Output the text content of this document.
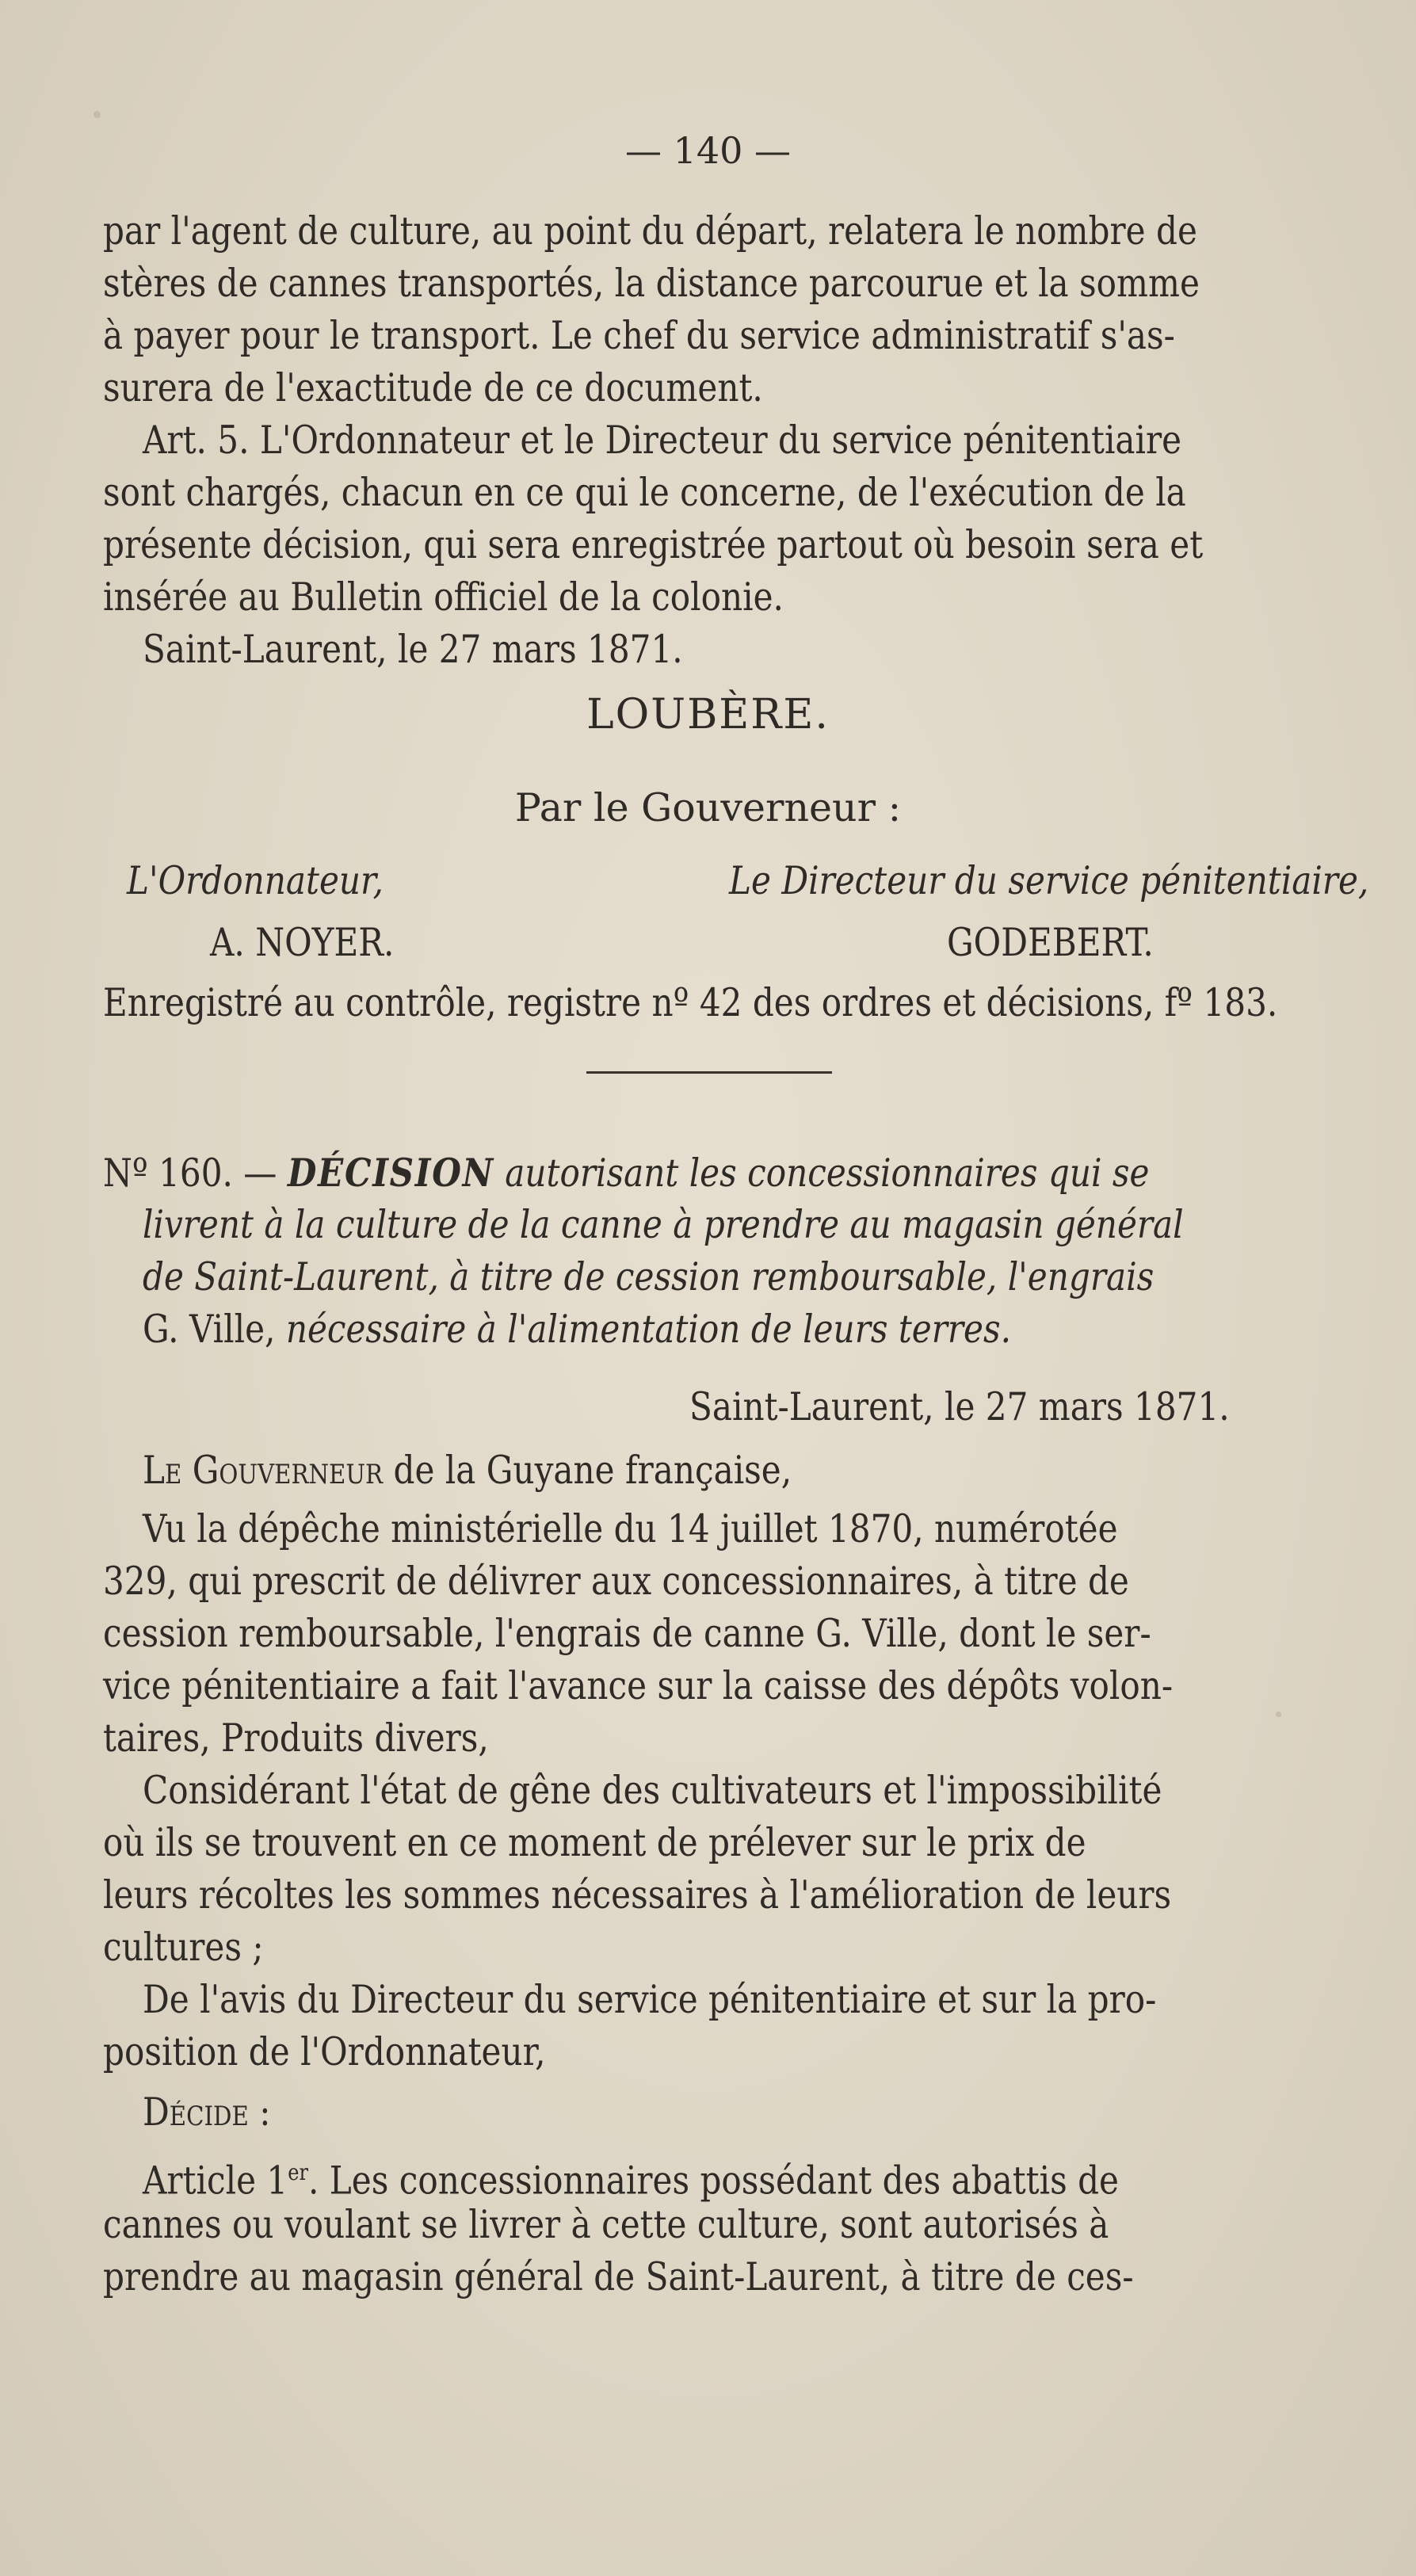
— 140 —
par l'agent de culture, au point du départ, relatera le nombre de
stères de cannes transportés, la distance parcourue et la somme
à payer pour le transport. Le chef du service administratif s'as-
surera de l'exactitude de ce document.
Art. 5. L'Ordonnateur et le Directeur du service pénitentiaire
sont chargés, chacun en ce qui le concerne, de l'exécution de la
présente décision, qui sera enregistrée partout où besoin sera et
insérée au Bulletin officiel de la colonie.
Saint-Laurent, le 27 mars 1871.
LOUBÈRE.
Par le Gouverneur :
L'Ordonnateur,	Le Directeur du service pénitentiaire,
A. NOYER.	GODEBERT.
Enregistré au contrôle, registre nº 42 des ordres et décisions, fº 183.
Nº 160. — DÉCISION autorisant les concessionnaires qui se
livrent à la culture de la canne à prendre au magasin général
de Saint-Laurent, à titre de cession remboursable, l'engrais
G. Ville, nécessaire à l'alimentation de leurs terres.
Saint-Laurent, le 27 mars 1871.
Le Gouverneur de la Guyane française,
Vu la dépêche ministérielle du 14 juillet 1870, numérotée
329, qui prescrit de délivrer aux concessionnaires, à titre de
cession remboursable, l'engrais de canne G. Ville, dont le ser-
vice pénitentiaire a fait l'avance sur la caisse des dépôts volon-
taires, Produits divers,
Considérant l'état de gêne des cultivateurs et l'impossibilité
où ils se trouvent en ce moment de prélever sur le prix de
leurs récoltes les sommes nécessaires à l'amélioration de leurs
cultures ;
De l'avis du Directeur du service pénitentiaire et sur la pro-
position de l'Ordonnateur,
Décide :
Article 1er. Les concessionnaires possédant des abattis de
cannes ou voulant se livrer à cette culture, sont autorisés à
prendre au magasin général de Saint-Laurent, à titre de ces-
